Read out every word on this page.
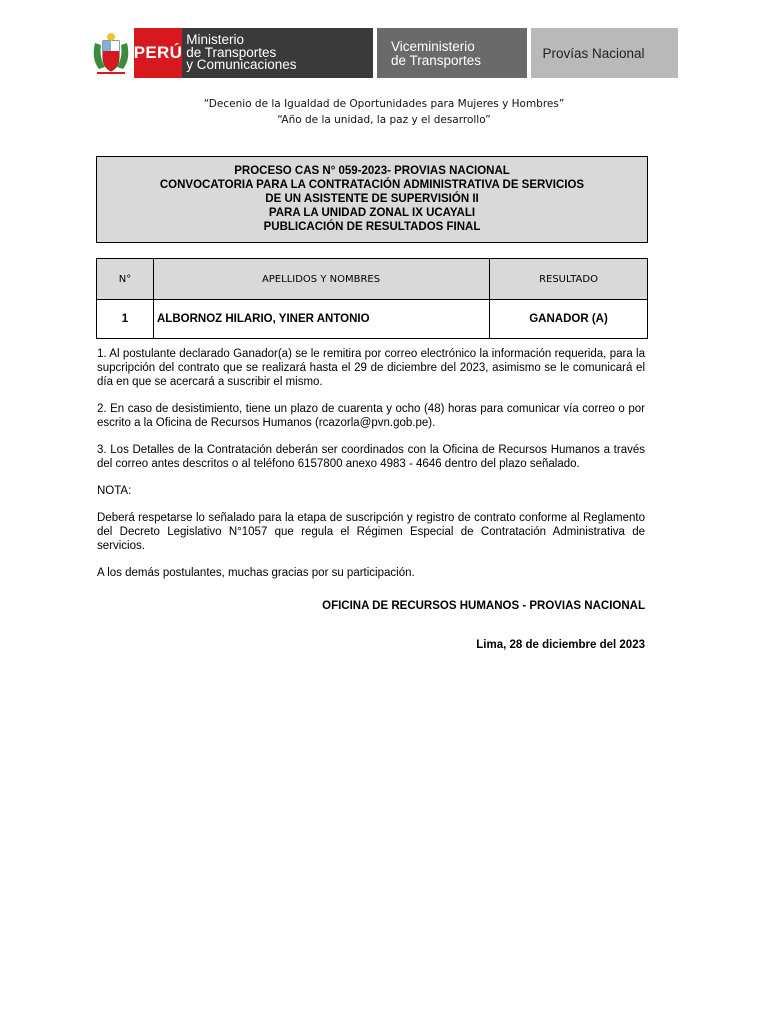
PERÚ
Ministerio
de Transportes
y Comunicaciones
Viceministerio
de Transportes	Provías Nacional
“Decenio de la Igualdad de Oportunidades para Mujeres y Hombres”
“Año de la unidad, la paz y el desarrollo”
PROCESO CAS N° 059-2023- PROVIAS NACIONAL
CONVOCATORIA PARA LA CONTRATACIÓN ADMINISTRATIVA DE SERVICIOS
DE UN ASISTENTE DE SUPERVISIÓN II
PARA LA UNIDAD ZONAL IX UCAYALI
PUBLICACIÓN DE RESULTADOS FINAL
N°	APELLIDOS Y NOMBRES	RESULTADO
1	ALBORNOZ HILARIO, YINER ANTONIO	GANADOR (A)

1. Al postulante declarado Ganador(a) se le remitira por correo electrónico la información requerida, para la supcripción del contrato que se realizará hasta el 29 de diciembre del 2023, asimismo se le comunicará el día en que se acercará a suscribir el mismo.

2. En caso de desistimiento, tiene un plazo de cuarenta y ocho (48) horas para comunicar vía correo o por escrito a la Oficina de Recursos Humanos (rcazorla@pvn.gob.pe).

3. Los Detalles de la Contratación deberán ser coordinados con la Oficina de Recursos Humanos a través del correo antes descritos o al teléfono 6157800 anexo 4983 - 4646 dentro del plazo señalado.

NOTA:

Deberá respetarse lo señalado para la etapa de suscripción y registro de contrato conforme al Reglamento del Decreto Legislativo N°1057 que regula el Régimen Especial de Contratación Administrativa de servicios.

A los demás postulantes, muchas gracias por su participación.

OFICINA DE RECURSOS HUMANOS - PROVIAS NACIONAL
Lima, 28 de diciembre del 2023
